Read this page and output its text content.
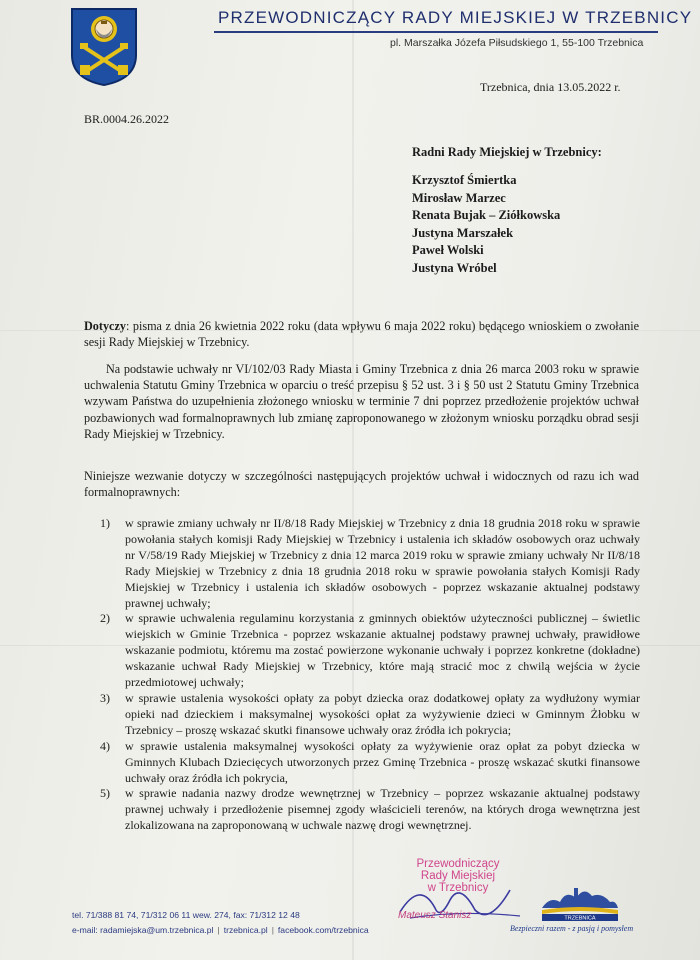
PRZEWODNICZĄCY RADY MIEJSKIEJ W TRZEBNICY
pl. Marszałka Józefa Piłsudskiego 1, 55-100 Trzebnica
Trzebnica, dnia 13.05.2022 r.
BR.0004.26.2022
Radni Rady Miejskiej w Trzebnicy:
Krzysztof Śmiertka
Mirosław Marzec
Renata Bujak – Ziółkowska
Justyna Marszałek
Paweł Wolski
Justyna Wróbel

Dotyczy: pisma z dnia 26 kwietnia 2022 roku (data wpływu 6 maja 2022 roku) będącego wnioskiem o zwołanie sesji Rady Miejskiej w Trzebnicy.

Na podstawie uchwały nr VI/102/03 Rady Miasta i Gminy Trzebnica z dnia 26 marca 2003 roku w sprawie uchwalenia Statutu Gminy Trzebnica w oparciu o treść przepisu § 52 ust. 3 i § 50 ust 2 Statutu Gminy Trzebnica wzywam Państwa do uzupełnienia złożonego wniosku w terminie 7 dni poprzez przedłożenie projektów uchwał pozbawionych wad formalnoprawnych lub zmianę zaproponowanego w złożonym wniosku porządku obrad sesji Rady Miejskiej w Trzebnicy.

Niniejsze wezwanie dotyczy w szczególności następujących projektów uchwał i widocznych od razu ich wad formalnoprawnych:

1) w sprawie zmiany uchwały nr II/8/18 Rady Miejskiej w Trzebnicy z dnia 18 grudnia 2018 roku w sprawie powołania stałych komisji Rady Miejskiej w Trzebnicy i ustalenia ich składów osobowych oraz uchwały nr V/58/19 Rady Miejskiej w Trzebnicy z dnia 12 marca 2019 roku w sprawie zmiany uchwały Nr II/8/18 Rady Miejskiej w Trzebnicy z dnia 18 grudnia 2018 roku w sprawie powołania stałych Komisji Rady Miejskiej w Trzebnicy i ustalenia ich składów osobowych - poprzez wskazanie aktualnej podstawy prawnej uchwały;
2) w sprawie uchwalenia regulaminu korzystania z gminnych obiektów użyteczności publicznej – świetlic wiejskich w Gminie Trzebnica - poprzez wskazanie aktualnej podstawy prawnej uchwały, prawidłowe wskazanie podmiotu, któremu ma zostać powierzone wykonanie uchwały i poprzez konkretne (dokładne) wskazanie uchwał Rady Miejskiej w Trzebnicy, które mają stracić moc z chwilą wejścia w życie przedmiotowej uchwały;
3) w sprawie ustalenia wysokości opłaty za pobyt dziecka oraz dodatkowej opłaty za wydłużony wymiar opieki nad dzieckiem i maksymalnej wysokości opłat za wyżywienie dzieci w Gminnym Żłobku w Trzebnicy – proszę wskazać skutki finansowe uchwały oraz źródła ich pokrycia;
4) w sprawie ustalenia maksymalnej wysokości opłaty za wyżywienie oraz opłat za pobyt dziecka w Gminnych Klubach Dziecięcych utworzonych przez Gminę Trzebnica - proszę wskazać skutki finansowe uchwały oraz źródła ich pokrycia,
5) w sprawie nadania nazwy drodze wewnętrznej w Trzebnicy – poprzez wskazanie aktualnej podstawy prawnej uchwały i przedłożenie pisemnej zgody właścicieli terenów, na których droga wewnętrzna jest zlokalizowana na zaproponowaną w uchwale nazwę drogi wewnętrznej.
Przewodniczący
Rady Miejskiej
w Trzebnicy
Mateusz Stanisz
tel. 71/388 81 74, 71/312 06 11 wew. 274, fax: 71/312 12 48
e-mail: radamiejska@um.trzebnica.pl | trzebnica.pl | facebook.com/trzebnica
TRZEBNICA
Bezpieczni razem - z pasją i pomysłem
